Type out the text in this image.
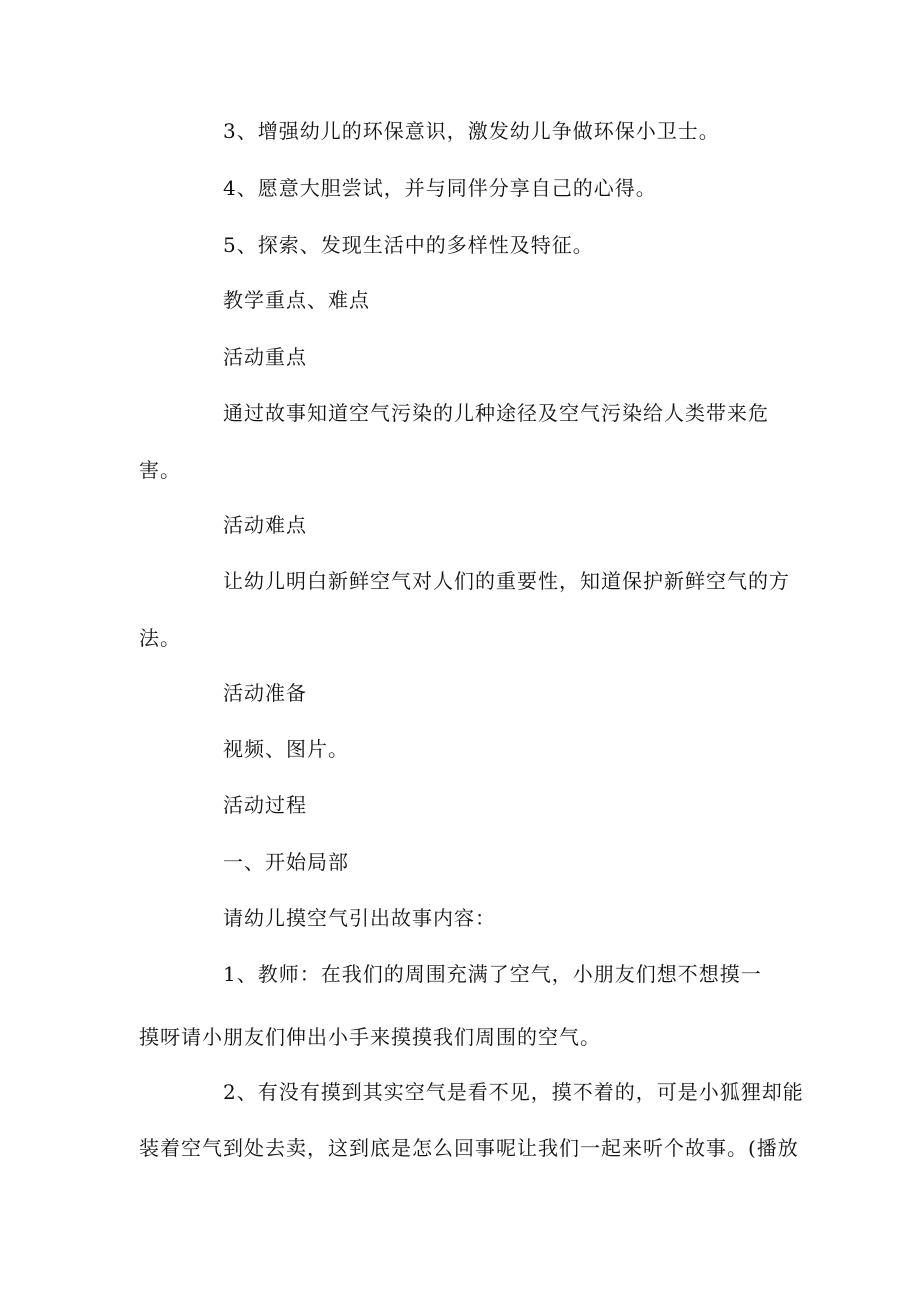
3、增强幼儿的环保意识，激发幼儿争做环保小卫士。
4、愿意大胆尝试，并与同伴分享自己的心得。
5、探索、发现生活中的多样性及特征。
教学重点、难点
活动重点
通过故事知道空气污染的儿种途径及空气污染给人类带来危
害。
活动难点
让幼儿明白新鲜空气对人们的重要性，知道保护新鲜空气的方
法。
活动准备
视频、图片。
活动过程
一、开始局部
请幼儿摸空气引出故事内容：
1、教师：在我们的周围充满了空气，小朋友们想不想摸一
摸呀请小朋友们伸出小手来摸摸我们周围的空气。
2、有没有摸到其实空气是看不见，摸不着的，可是小狐狸却能
装着空气到处去卖，这到底是怎么回事呢让我们一起来听个故事。(播放
